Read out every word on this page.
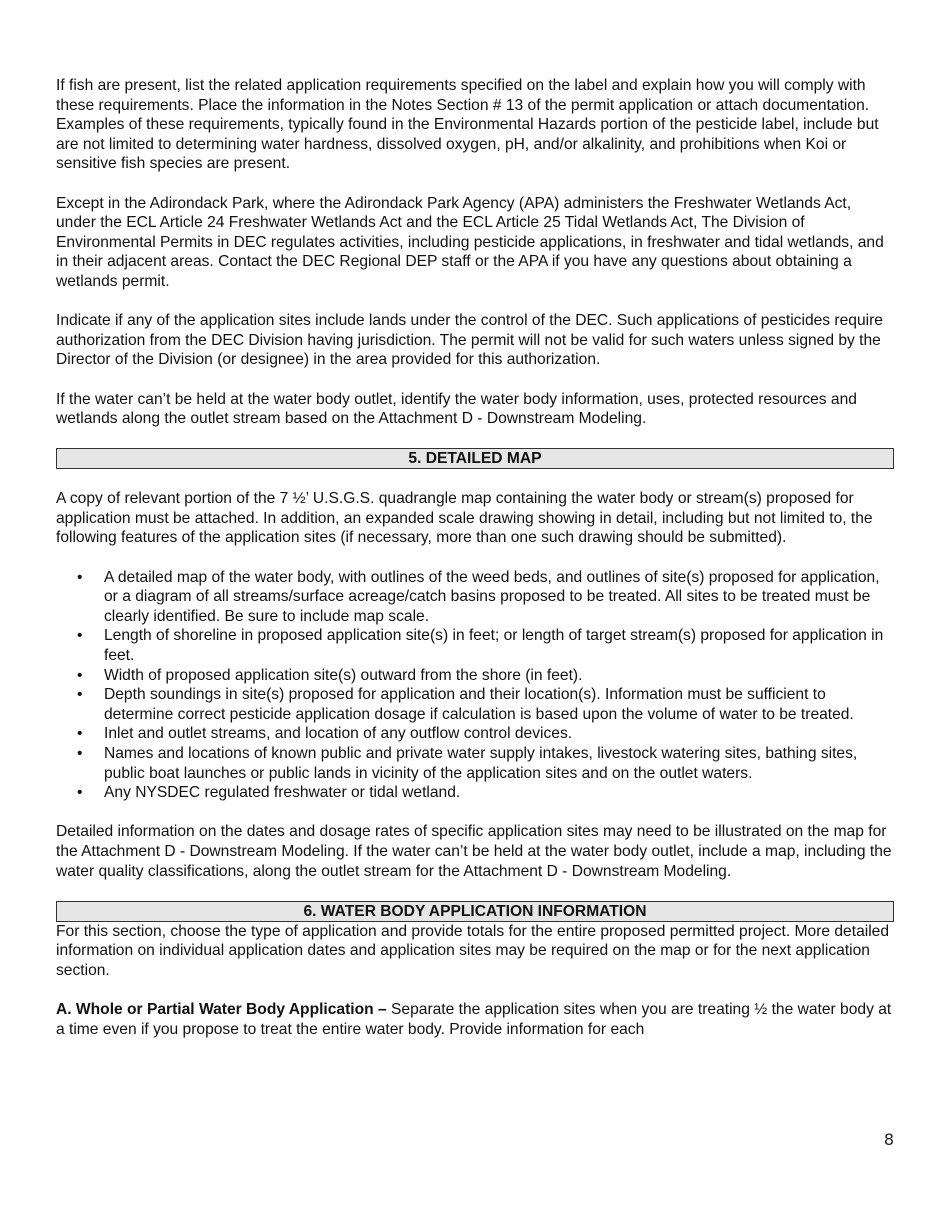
If fish are present, list the related application requirements specified on the label and explain how you will comply with these requirements. Place the information in the Notes Section # 13 of the permit application or attach documentation. Examples of these requirements, typically found in the Environmental Hazards portion of the pesticide label, include but are not limited to determining water hardness, dissolved oxygen, pH, and/or alkalinity, and prohibitions when Koi or sensitive fish species are present.

Except in the Adirondack Park, where the Adirondack Park Agency (APA) administers the Freshwater Wetlands Act, under the ECL Article 24 Freshwater Wetlands Act and the ECL Article 25 Tidal Wetlands Act, The Division of Environmental Permits in DEC regulates activities, including pesticide applications, in freshwater and tidal wetlands, and in their adjacent areas. Contact the DEC Regional DEP staff or the APA if you have any questions about obtaining a wetlands permit.

Indicate if any of the application sites include lands under the control of the DEC. Such applications of pesticides require authorization from the DEC Division having jurisdiction. The permit will not be valid for such waters unless signed by the Director of the Division (or designee) in the area provided for this authorization.

If the water can’t be held at the water body outlet, identify the water body information, uses, protected resources and wetlands along the outlet stream based on the Attachment D - Downstream Modeling.

5. DETAILED MAP

A copy of relevant portion of the 7 ½’ U.S.G.S. quadrangle map containing the water body or stream(s) proposed for application must be attached. In addition, an expanded scale drawing showing in detail, including but not limited to, the following features of the application sites (if necessary, more than one such drawing should be submitted).

• A detailed map of the water body, with outlines of the weed beds, and outlines of site(s) proposed for application, or a diagram of all streams/surface acreage/catch basins proposed to be treated. All sites to be treated must be clearly identified. Be sure to include map scale.
• Length of shoreline in proposed application site(s) in feet; or length of target stream(s) proposed for application in feet.
• Width of proposed application site(s) outward from the shore (in feet).
• Depth soundings in site(s) proposed for application and their location(s). Information must be sufficient to determine correct pesticide application dosage if calculation is based upon the volume of water to be treated.
• Inlet and outlet streams, and location of any outflow control devices.
• Names and locations of known public and private water supply intakes, livestock watering sites, bathing sites, public boat launches or public lands in vicinity of the application sites and on the outlet waters.
• Any NYSDEC regulated freshwater or tidal wetland.

Detailed information on the dates and dosage rates of specific application sites may need to be illustrated on the map for the Attachment D - Downstream Modeling. If the water can’t be held at the water body outlet, include a map, including the water quality classifications, along the outlet stream for the Attachment D - Downstream Modeling.

6. WATER BODY APPLICATION INFORMATION

For this section, choose the type of application and provide totals for the entire proposed permitted project. More detailed information on individual application dates and application sites may be required on the map or for the next application section.

A. Whole or Partial Water Body Application – Separate the application sites when you are treating ½ the water body at a time even if you propose to treat the entire water body. Provide information for each

8
